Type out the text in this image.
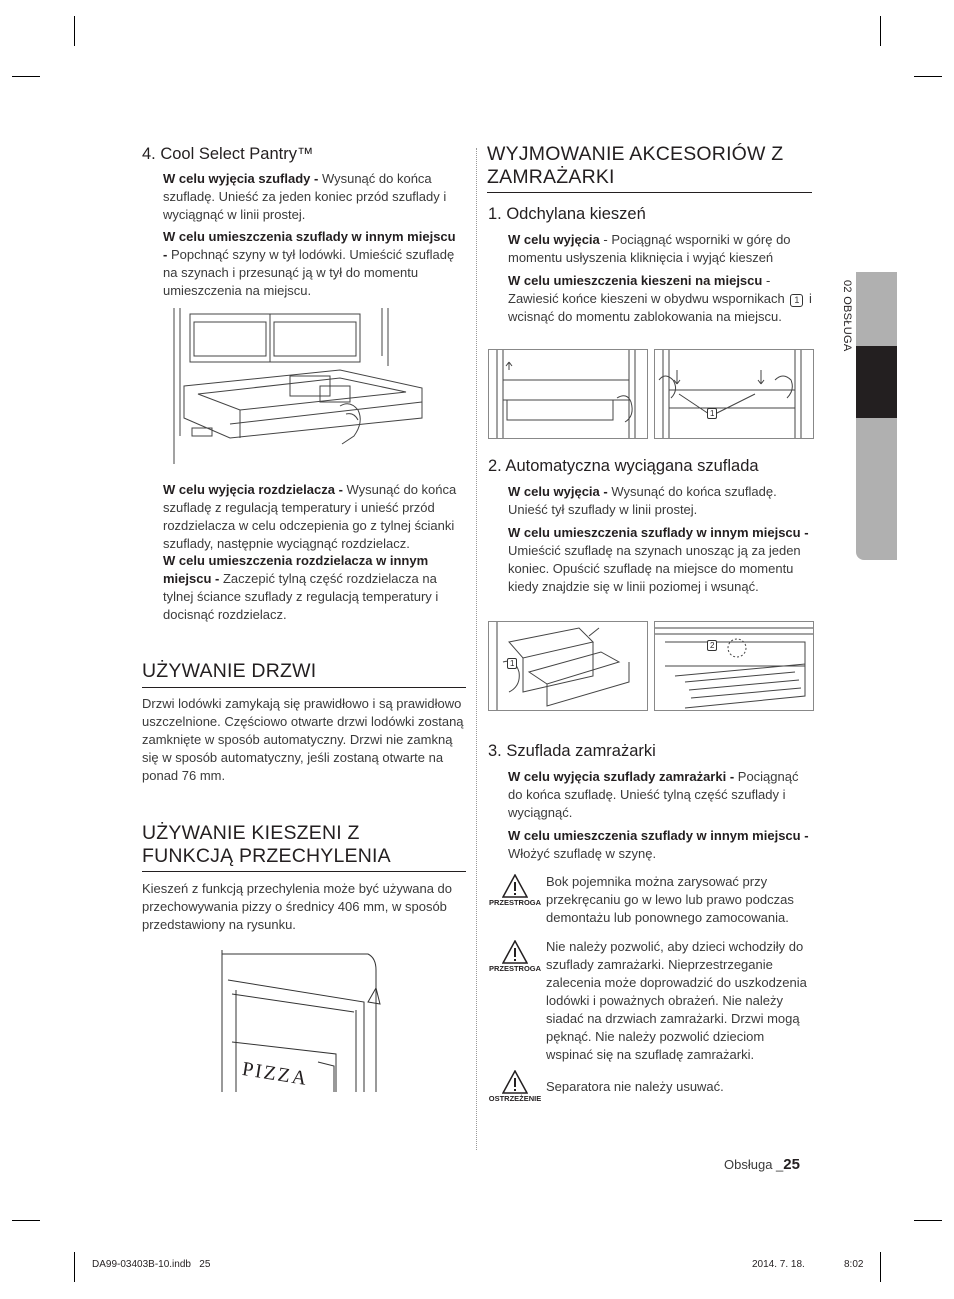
4. Cool Select Pantry™
W celu wyjęcia szuflady - Wysunąć do końca szufladę. Unieść za jeden koniec przód szuflady i wyciągnąć w linii prostej.
W celu umieszczenia szuflady w innym miejscu - Popchnąć szyny w tył lodówki. Umieścić szufladę na szynach i przesunąć ją w tył do momentu umieszczenia na miejscu.
W celu wyjęcia rozdzielacza - Wysunąć do końca szufladę z regulacją temperatury i unieść przód rozdzielacza w celu odczepienia go z tylnej ścianki szuflady, następnie wyciągnąć rozdzielacz.
W celu umieszczenia rozdzielacza w innym miejscu - Zaczepić tylną część rozdzielacza na tylnej ściance szuflady z regulacją temperatury i docisnąć rozdzielacz.
UŻYWANIE DRZWI
Drzwi lodówki zamykają się prawidłowo i są prawidłowo uszczelnione. Częściowo otwarte drzwi lodówki zostaną zamknięte w sposób automatyczny. Drzwi nie zamkną się w sposób automatyczny, jeśli zostaną otwarte na ponad 76 mm.
UŻYWANIE KIESZENI Z
FUNKCJĄ PRZECHYLENIA
Kieszeń z funkcją przechylenia może być używana do przechowywania pizzy o średnicy 406 mm, w sposób przedstawiony na rysunku.
PIZZA
WYJMOWANIE AKCESORIÓW Z
ZAMRAŻARKI
1. Odchylana kieszeń
W celu wyjęcia - Pociągnąć wsporniki w górę do momentu usłyszenia kliknięcia i wyjąć kieszeń
W celu umieszczenia kieszeni na miejscu - Zawiesić końce kieszeni w obydwu wspornikach 1 i wcisnąć do momentu zablokowania na miejscu.
1
2. Automatyczna wyciągana szuflada
W celu wyjęcia - Wysunąć do końca szufladę. Unieść tył szuflady w linii prostej.
W celu umieszczenia szuflady w innym miejscu - Umieścić szufladę na szynach unosząc ją za jeden koniec. Opuścić szufladę na miejsce do momentu kiedy znajdzie się w linii poziomej i wsunąć.
1
2
3. Szuflada zamrażarki
W celu wyjęcia szuflady zamrażarki - Pociągnąć do końca szufladę. Unieść tylną część szuflady i wyciągnąć.
W celu umieszczenia szuflady w innym miejscu - Włożyć szufladę w szynę.
PRZESTROGA
Bok pojemnika można zarysować przy przekręcaniu go w lewo lub prawo podczas demontażu lub ponownego zamocowania.
PRZESTROGA
Nie należy pozwolić, aby dzieci wchodziły do szuflady zamrażarki. Nieprzestrzeganie zalecenia może doprowadzić do uszkodzenia lodówki i poważnych obrażeń. Nie należy siadać na drzwiach zamrażarki. Drzwi mogą pęknąć. Nie należy pozwolić dzieciom wspinać się na szufladę zamrażarki.
OSTRZEŻENIE
Separatora nie należy usuwać.
02 OBSŁUGA
Obsługa _25
DA99-03403B-10.indb   25	2014. 7. 18.	8:02
